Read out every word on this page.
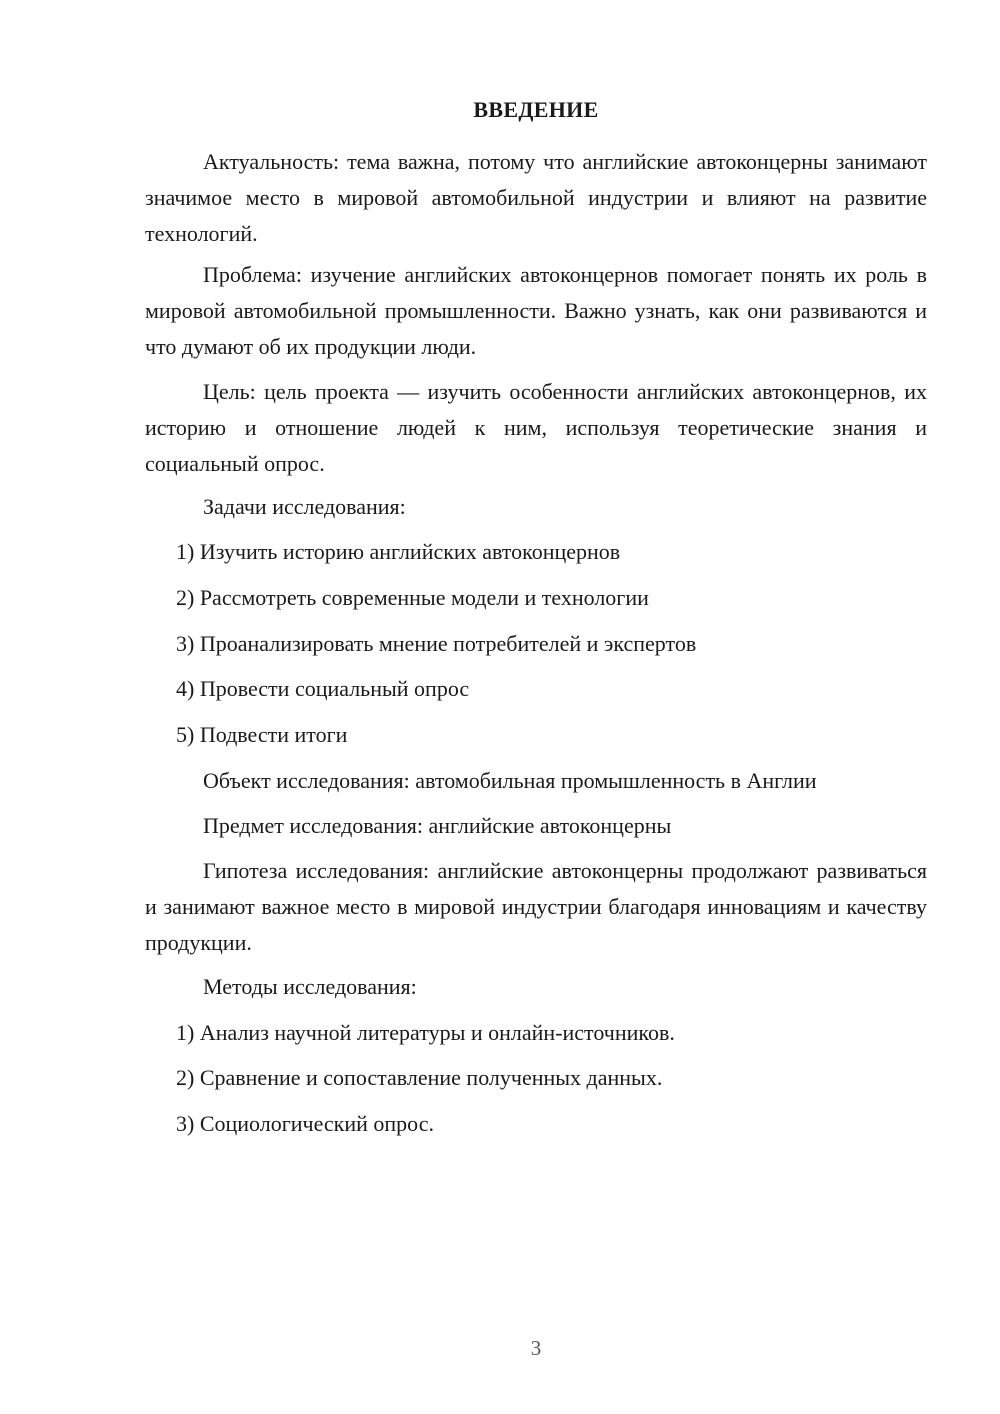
ВВЕДЕНИЕ
Актуальность: тема важна, потому что английские автоконцерны занимают значимое место в мировой автомобильной индустрии и влияют на развитие технологий.
Проблема: изучение английских автоконцернов помогает понять их роль в мировой автомобильной промышленности. Важно узнать, как они развиваются и что думают об их продукции люди.
Цель: цель проекта — изучить особенности английских автоконцернов, их историю и отношение людей к ним, используя теоретические знания и социальный опрос.
Задачи исследования:
1) Изучить историю английских автоконцернов
2) Рассмотреть современные модели и технологии
3) Проанализировать мнение потребителей и экспертов
4) Провести социальный опрос
5) Подвести итоги
Объект исследования: автомобильная промышленность в Англии
Предмет исследования: английские автоконцерны
Гипотеза исследования: английские автоконцерны продолжают развиваться и занимают важное место в мировой индустрии благодаря инновациям и качеству продукции.
Методы исследования:
1) Анализ научной литературы и онлайн-источников.
2) Сравнение и сопоставление полученных данных.
3) Социологический опрос.
3
